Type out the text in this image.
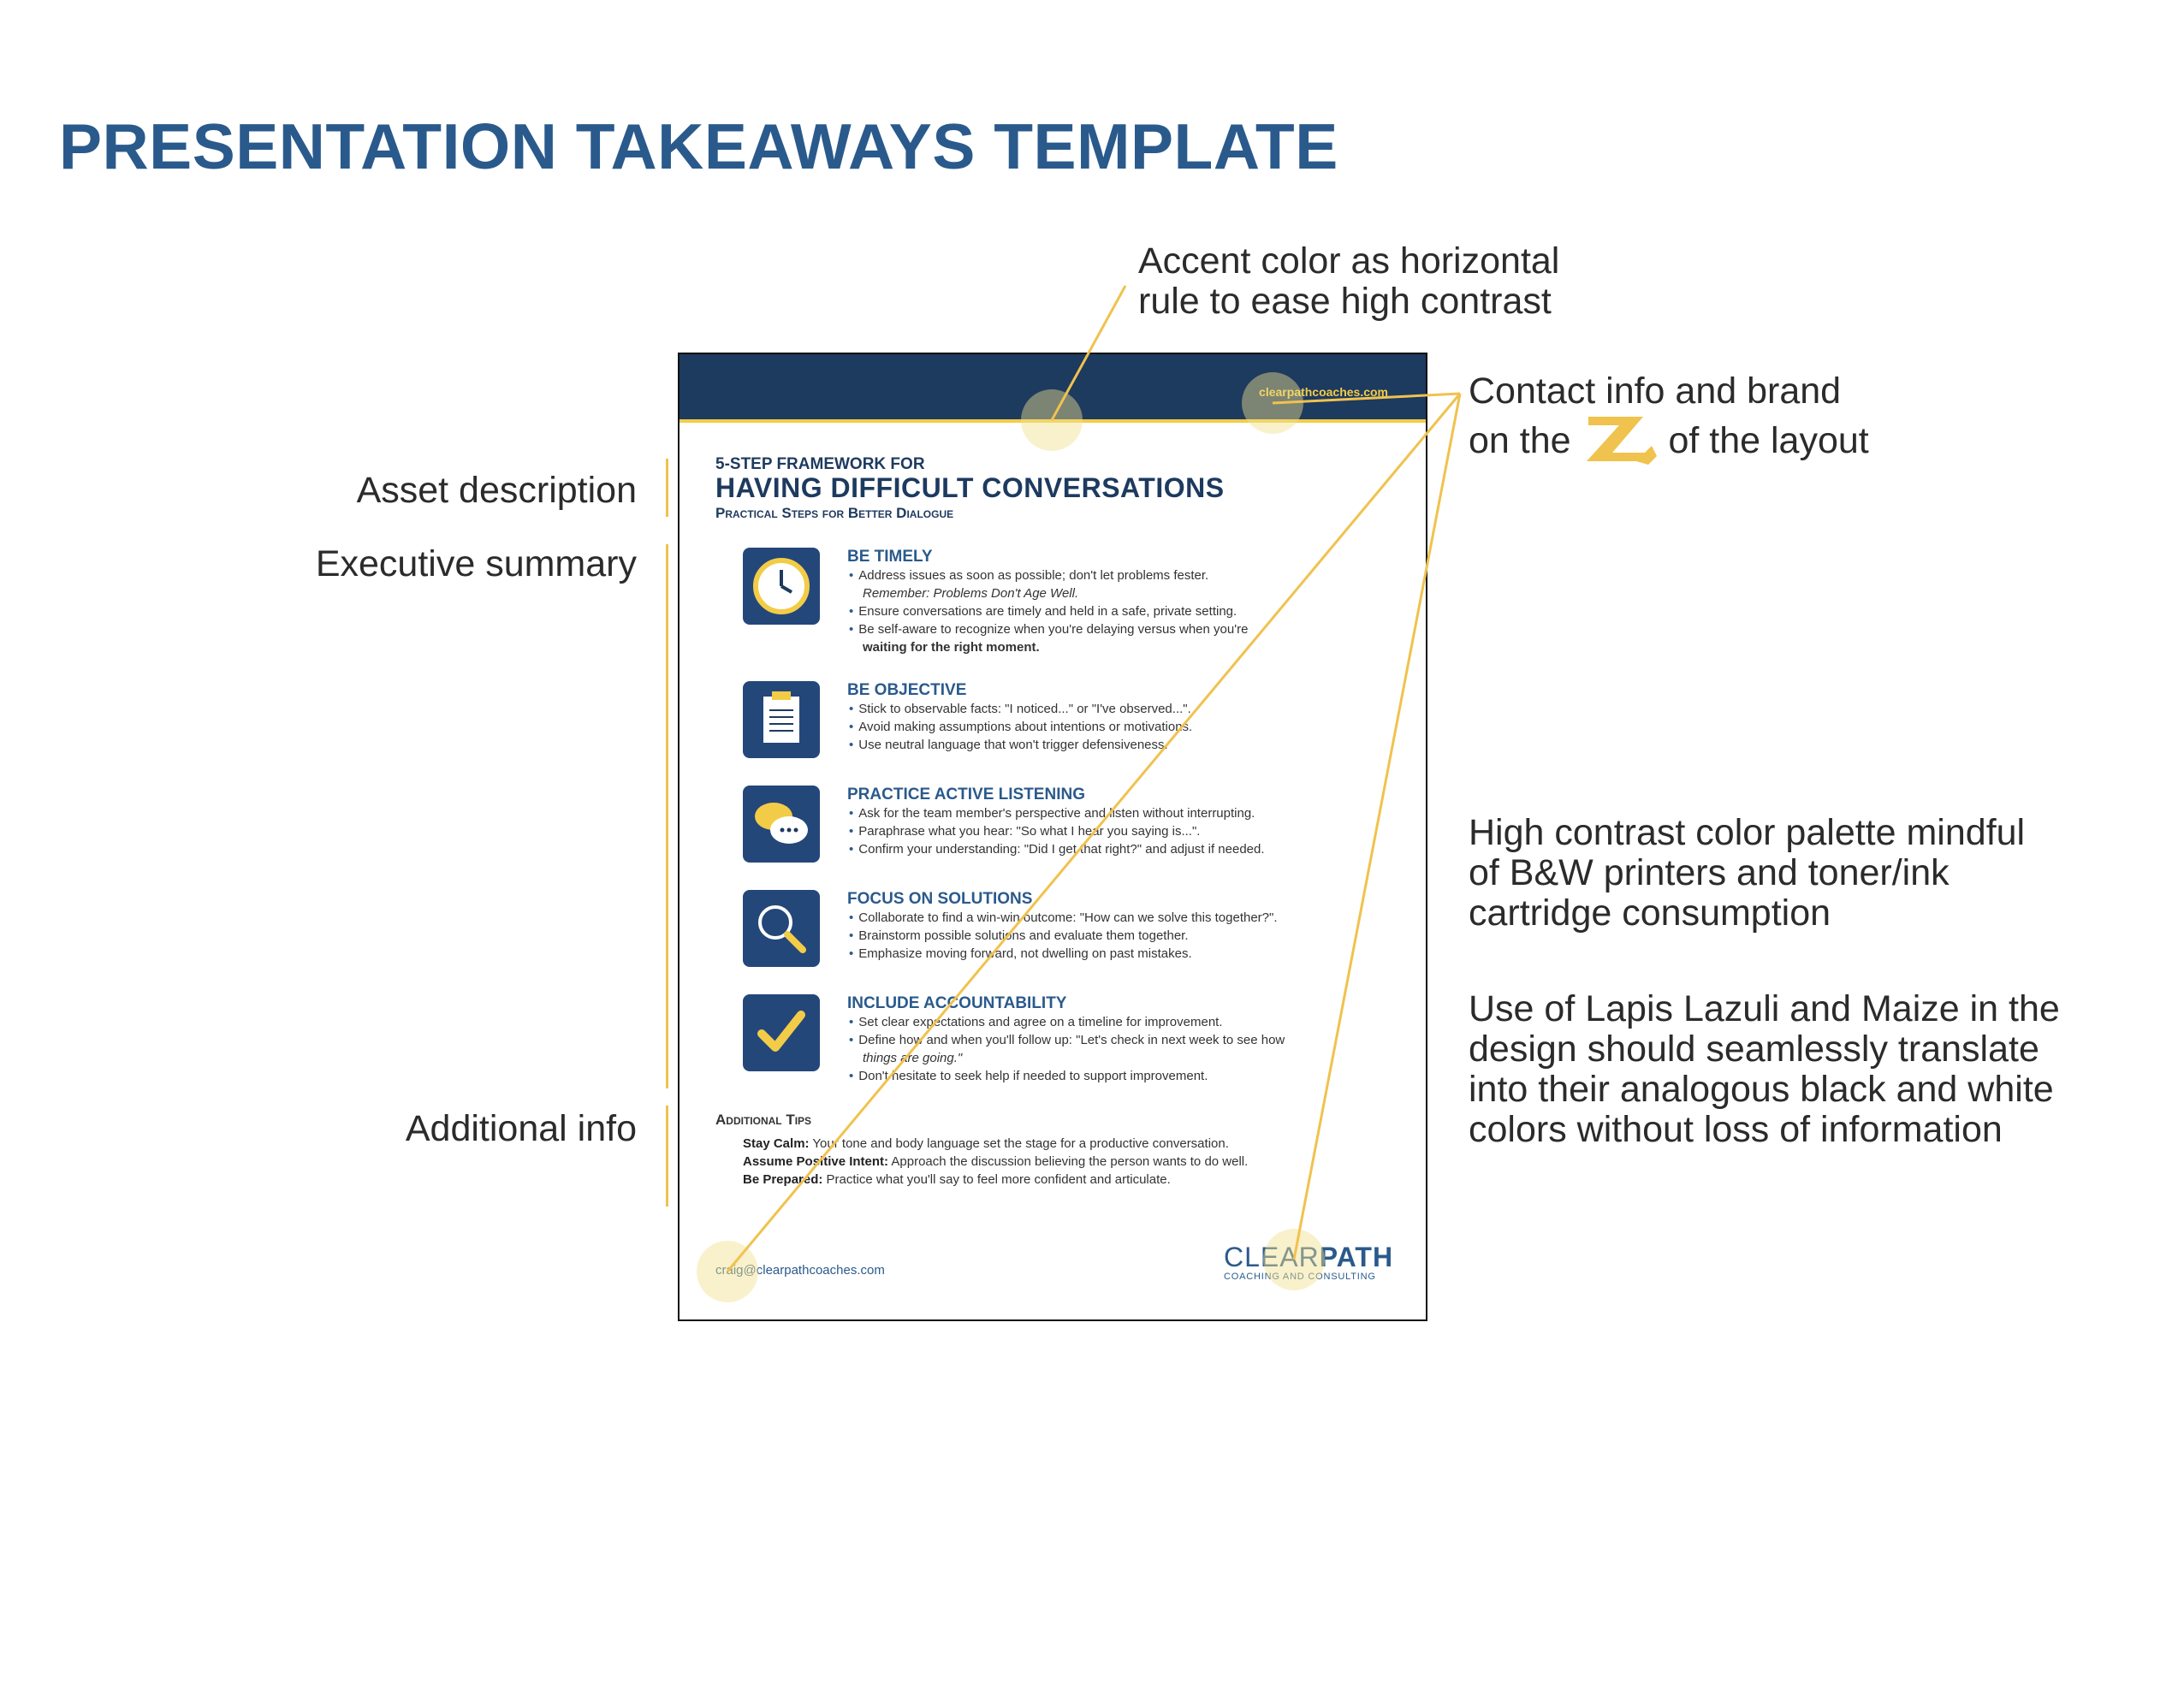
PRESENTATION TAKEAWAYS TEMPLATE
Accent color as horizontal
rule to ease high contrast
Contact info and brand
on the	of the layout
Asset description
Executive summary
Additional info
High contrast color palette mindful
of B&W printers and toner/ink
cartridge consumption
Use of Lapis Lazuli and Maize in the
design should seamlessly translate
into their analogous black and white
colors without loss of information
clearpathcoaches.com
5-STEP FRAMEWORK FOR
HAVING DIFFICULT CONVERSATIONS
Practical Steps for Better Dialogue
BE TIMELY
• Address issues as soon as possible; don't let problems fester.
Remember: Problems Don't Age Well.
• Ensure conversations are timely and held in a safe, private setting.
• Be self-aware to recognize when you're delaying versus when you're
waiting for the right moment.
BE OBJECTIVE
• Stick to observable facts: "I noticed..." or "I've observed...".
• Avoid making assumptions about intentions or motivations.
• Use neutral language that won't trigger defensiveness.
PRACTICE ACTIVE LISTENING
• Ask for the team member's perspective and listen without interrupting.
• Paraphrase what you hear: "So what I hear you saying is...".
• Confirm your understanding: "Did I get that right?" and adjust if needed.
FOCUS ON SOLUTIONS
• Collaborate to find a win-win outcome: "How can we solve this together?".
• Brainstorm possible solutions and evaluate them together.
• Emphasize moving forward, not dwelling on past mistakes.
INCLUDE ACCOUNTABILITY
• Set clear expectations and agree on a timeline for improvement.
• Define how and when you'll follow up: "Let's check in next week to see how
things are going."
• Don't hesitate to seek help if needed to support improvement.
Additional Tips
Stay Calm: Your tone and body language set the stage for a productive conversation.
Assume Positive Intent: Approach the discussion believing the person wants to do well.
Be Prepared: Practice what you'll say to feel more confident and articulate.
craig@clearpathcoaches.com	CLEARPATH
COACHING AND CONSULTING
